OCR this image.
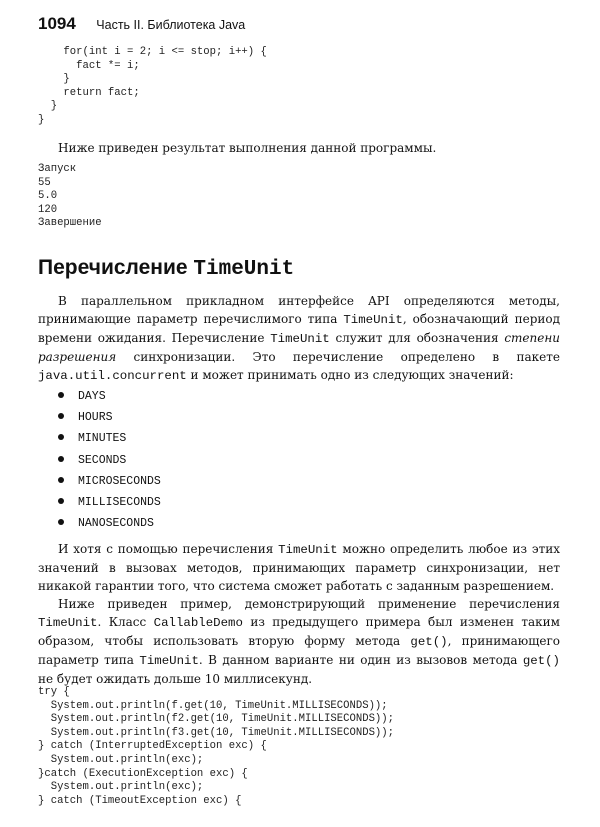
1094 Часть II. Библиотека Java
for(int i = 2; i <= stop; i++) {
fact *= i;
}
return fact;
}
}

Ниже приведен результат выполнения данной программы.

Запуск
55
5.0
120
Завершение
Перечисление TimeUnit

В параллельном прикладном интерфейсе API определяются методы, принимающие параметр перечислимого типа TimeUnit, обозначающий период времени ожидания. Перечисление TimeUnit служит для обозначения степени разрешения синхронизации. Это перечисление определено в пакете java.util.concurrent и может принимать одно из следующих значений:

DAYS
HOURS
MINUTES
SECONDS
MICROSECONDS
MILLISECONDS
NANOSECONDS

И хотя с помощью перечисления TimeUnit можно определить любое из этих значений в вызовах методов, принимающих параметр синхронизации, нет никакой гарантии того, что система сможет работать с заданным разрешением.

Ниже приведен пример, демонстрирующий применение перечисления TimeUnit. Класс CallableDemo из предыдущего примера был изменен таким образом, чтобы использовать вторую форму метода get(), принимающего параметр типа TimeUnit. В данном варианте ни один из вызовов метода get() не будет ожидать дольше 10 миллисекунд.

try {
System.out.println(f.get(10, TimeUnit.MILLISECONDS));
System.out.println(f2.get(10, TimeUnit.MILLISECONDS));
System.out.println(f3.get(10, TimeUnit.MILLISECONDS));
} catch (InterruptedException exc) {
System.out.println(exc);
}catch (ExecutionException exc) {
System.out.println(exc);
} catch (TimeoutException exc) {
